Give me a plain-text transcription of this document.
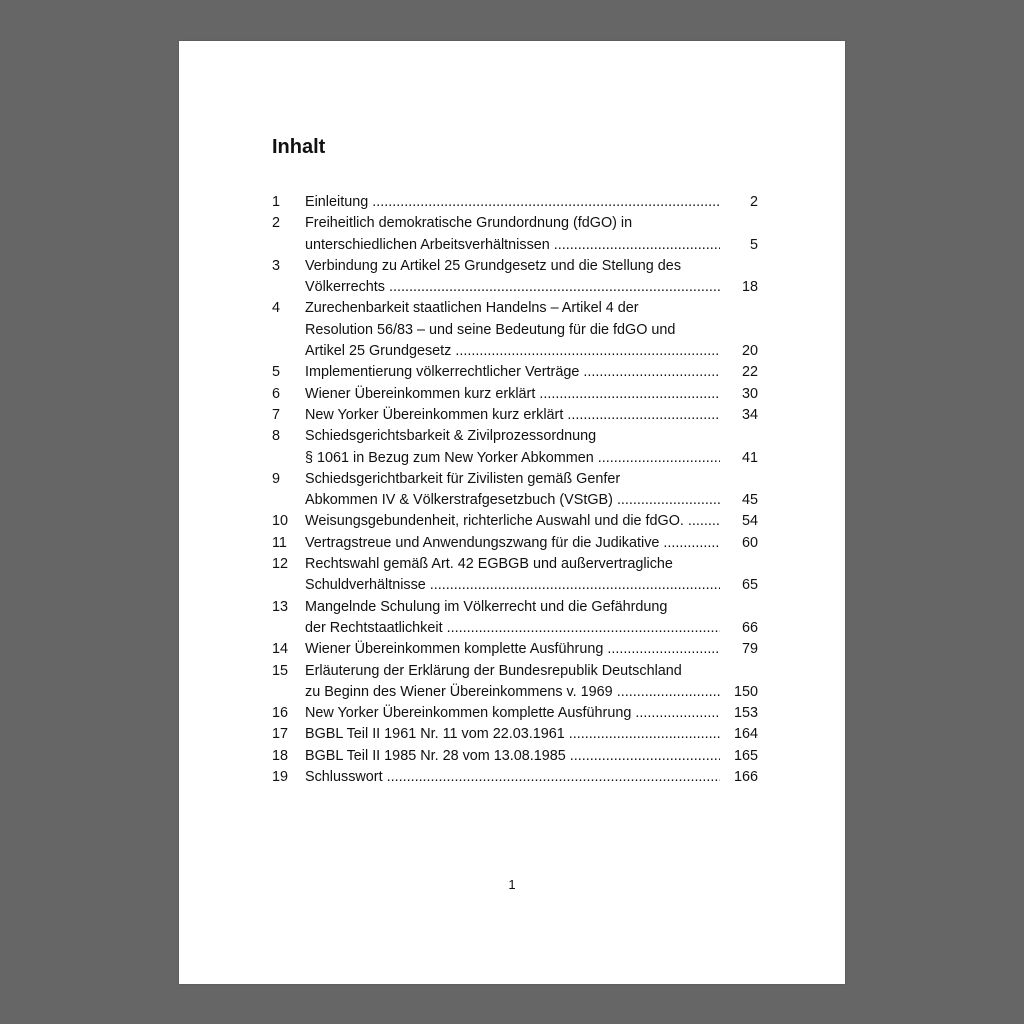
Inhalt
1	Einleitung .....	2
2	Freiheitlich demokratische Grundordnung (fdGO) in
unterschiedlichen Arbeitsverhältnissen .....	5
3	Verbindung zu Artikel 25 Grundgesetz und die Stellung des
Völkerrechts .....	18
4	Zurechenbarkeit staatlichen Handelns – Artikel 4 der
Resolution 56/83 – und seine Bedeutung für die fdGO und
Artikel 25 Grundgesetz .....	20
5	Implementierung völkerrechtlicher Verträge .....	22
6	Wiener Übereinkommen kurz erklärt .....	30
7	New Yorker Übereinkommen kurz erklärt .....	34
8	Schiedsgerichtsbarkeit & Zivilprozessordnung
§ 1061 in Bezug zum New Yorker Abkommen .....	41
9	Schiedsgerichtbarkeit für Zivilisten gemäß Genfer
Abkommen IV & Völkerstrafgesetzbuch (VStGB) .....	45
10	Weisungsgebundenheit, richterliche Auswahl und die fdGO. .....	54
11	Vertragstreue und Anwendungszwang für die Judikative .....	60
12	Rechtswahl gemäß Art. 42 EGBGB und außervertragliche
Schuldverhältnisse .....	65
13	Mangelnde Schulung im Völkerrecht und die Gefährdung
der Rechtstaatlichkeit .....	66
14	Wiener Übereinkommen komplette Ausführung .....	79
15	Erläuterung der Erklärung der Bundesrepublik Deutschland
zu Beginn des Wiener Übereinkommens v. 1969 .....	150
16	New Yorker Übereinkommen komplette Ausführung .....	153
17	BGBL Teil II 1961 Nr. 11 vom 22.03.1961 .....	164
18	BGBL Teil II 1985 Nr. 28 vom 13.08.1985 .....	165
19	Schlusswort .....	166
1
